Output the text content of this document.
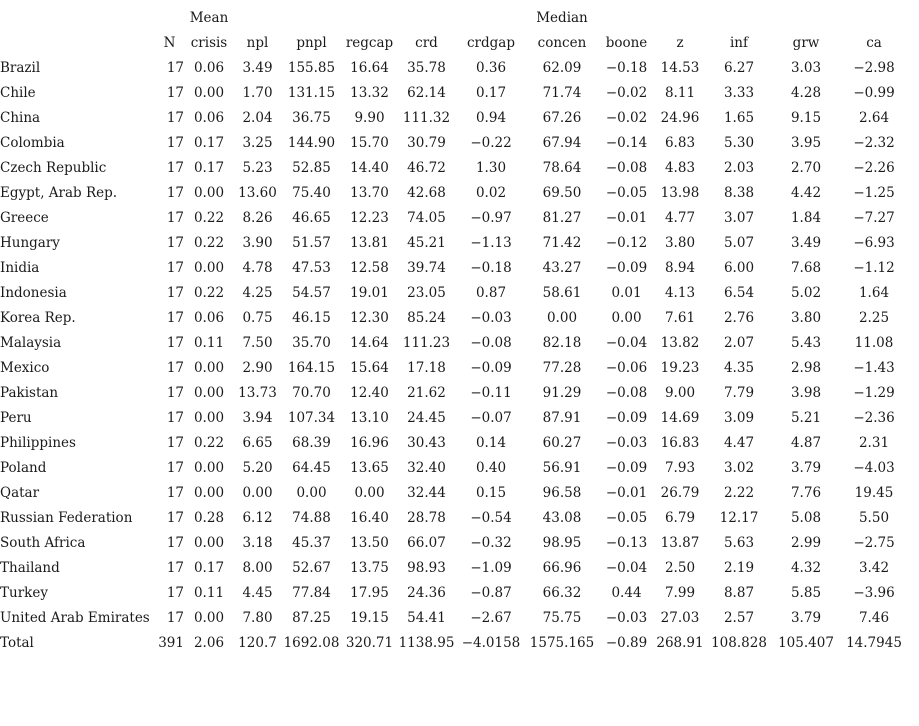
		Mean						Median					
	N	crisis	npl	pnpl	regcap	crd	crdgap	concen	boone	z	inf	grw	ca
Brazil	17	0.06	3.49	155.85	16.64	35.78	0.36	62.09	−0.18	14.53	6.27	3.03	−2.98
Chile	17	0.00	1.70	131.15	13.32	62.14	0.17	71.74	−0.02	8.11	3.33	4.28	−0.99
China	17	0.06	2.04	36.75	9.90	111.32	0.94	67.26	−0.02	24.96	1.65	9.15	2.64
Colombia	17	0.17	3.25	144.90	15.70	30.79	−0.22	67.94	−0.14	6.83	5.30	3.95	−2.32
Czech Republic	17	0.17	5.23	52.85	14.40	46.72	1.30	78.64	−0.08	4.83	2.03	2.70	−2.26
Egypt, Arab Rep.	17	0.00	13.60	75.40	13.70	42.68	0.02	69.50	−0.05	13.98	8.38	4.42	−1.25
Greece	17	0.22	8.26	46.65	12.23	74.05	−0.97	81.27	−0.01	4.77	3.07	1.84	−7.27
Hungary	17	0.22	3.90	51.57	13.81	45.21	−1.13	71.42	−0.12	3.80	5.07	3.49	−6.93
Inidia	17	0.00	4.78	47.53	12.58	39.74	−0.18	43.27	−0.09	8.94	6.00	7.68	−1.12
Indonesia	17	0.22	4.25	54.57	19.01	23.05	0.87	58.61	0.01	4.13	6.54	5.02	1.64
Korea Rep.	17	0.06	0.75	46.15	12.30	85.24	−0.03	0.00	0.00	7.61	2.76	3.80	2.25
Malaysia	17	0.11	7.50	35.70	14.64	111.23	−0.08	82.18	−0.04	13.82	2.07	5.43	11.08
Mexico	17	0.00	2.90	164.15	15.64	17.18	−0.09	77.28	−0.06	19.23	4.35	2.98	−1.43
Pakistan	17	0.00	13.73	70.70	12.40	21.62	−0.11	91.29	−0.08	9.00	7.79	3.98	−1.29
Peru	17	0.00	3.94	107.34	13.10	24.45	−0.07	87.91	−0.09	14.69	3.09	5.21	−2.36
Philippines	17	0.22	6.65	68.39	16.96	30.43	0.14	60.27	−0.03	16.83	4.47	4.87	2.31
Poland	17	0.00	5.20	64.45	13.65	32.40	0.40	56.91	−0.09	7.93	3.02	3.79	−4.03
Qatar	17	0.00	0.00	0.00	0.00	32.44	0.15	96.58	−0.01	26.79	2.22	7.76	19.45
Russian Federation	17	0.28	6.12	74.88	16.40	28.78	−0.54	43.08	−0.05	6.79	12.17	5.08	5.50
South Africa	17	0.00	3.18	45.37	13.50	66.07	−0.32	98.95	−0.13	13.87	5.63	2.99	−2.75
Thailand	17	0.17	8.00	52.67	13.75	98.93	−1.09	66.96	−0.04	2.50	2.19	4.32	3.42
Turkey	17	0.11	4.45	77.84	17.95	24.36	−0.87	66.32	0.44	7.99	8.87	5.85	−3.96
United Arab Emirates	17	0.00	7.80	87.25	19.15	54.41	−2.67	75.75	−0.03	27.03	2.57	3.79	7.46
Total	391	2.06	120.7	1692.08	320.71	1138.95	−4.0158	1575.165	−0.89	268.91	108.828	105.407	14.7945
